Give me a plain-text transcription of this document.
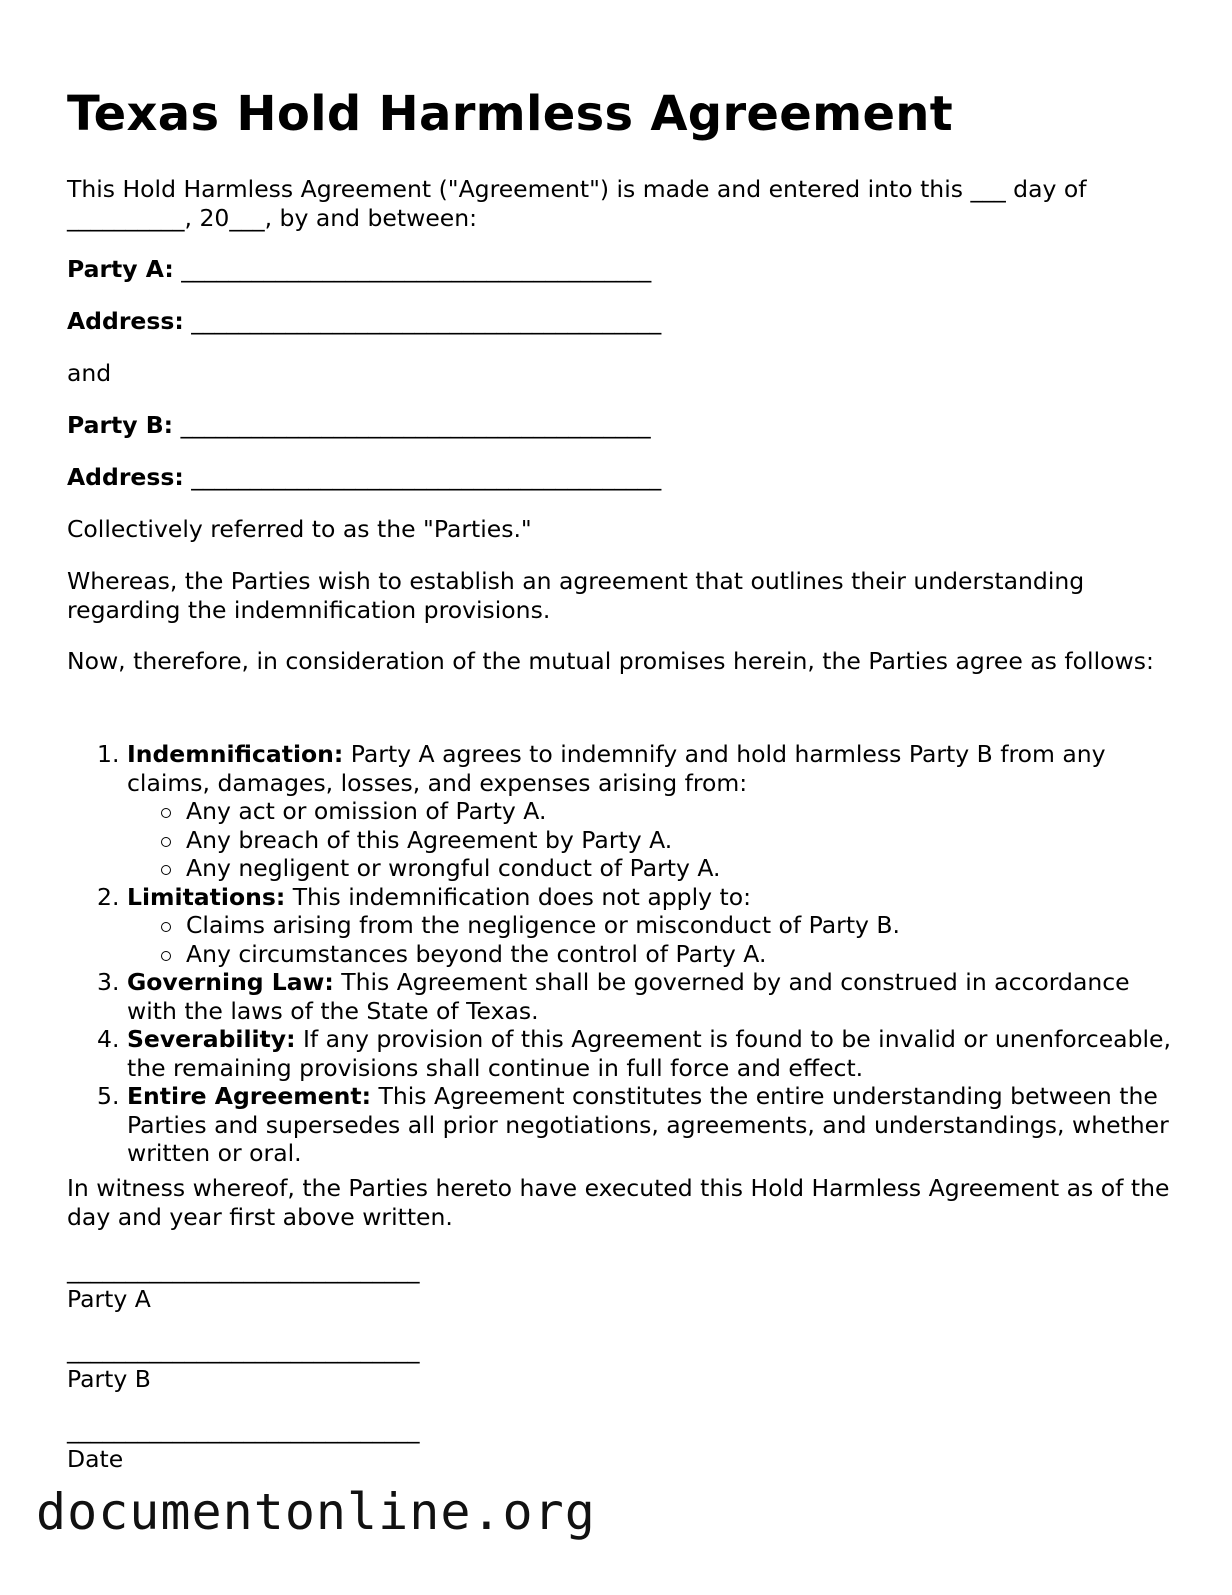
Texas Hold Harmless Agreement

This Hold Harmless Agreement ("Agreement") is made and entered into this ___ day of
__________, 20___, by and between:

Party A: ________________________________________

Address: ________________________________________

and

Party B: ________________________________________

Address: ________________________________________

Collectively referred to as the "Parties."

Whereas, the Parties wish to establish an agreement that outlines their understanding regarding the indemnification provisions.

Now, therefore, in consideration of the mutual promises herein, the Parties agree as follows:

1. Indemnification: Party A agrees to indemnify and hold harmless Party B from any claims, damages, losses, and expenses arising from:
Any act or omission of Party A.
Any breach of this Agreement by Party A.
Any negligent or wrongful conduct of Party A.
2. Limitations: This indemnification does not apply to:
Claims arising from the negligence or misconduct of Party B.
Any circumstances beyond the control of Party A.
3. Governing Law: This Agreement shall be governed by and construed in accordance with the laws of the State of Texas.
4. Severability: If any provision of this Agreement is found to be invalid or unenforceable, the remaining provisions shall continue in full force and effect.
5. Entire Agreement: This Agreement constitutes the entire understanding between the Parties and supersedes all prior negotiations, agreements, and understandings, whether written or oral.

In witness whereof, the Parties hereto have executed this Hold Harmless Agreement as of the day and year first above written.

______________________________
Party A
______________________________
Party B
______________________________
Date
documentonline.org
